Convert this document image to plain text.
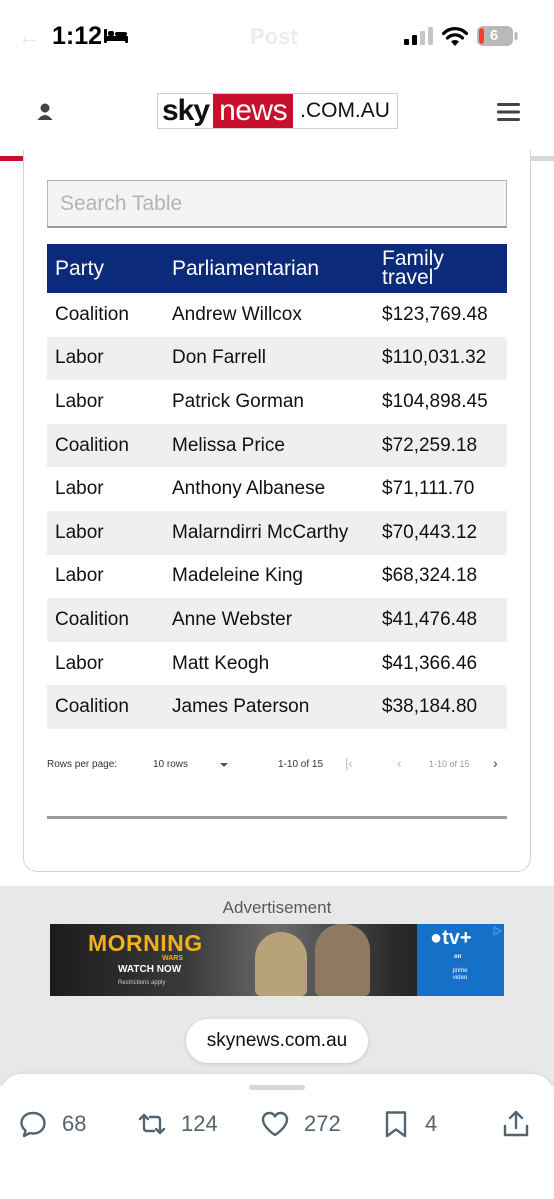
← 1:12	Post	6
sky news .COM.AU
Search Table
Party	Parliamentarian	Family travel
Coalition	Andrew Willcox	$123,769.48
Labor	Don Farrell	$110,031.32
Labor	Patrick Gorman	$104,898.45
Coalition	Melissa Price	$72,259.18
Labor	Anthony Albanese	$71,111.70
Labor	Malarndirri McCarthy	$70,443.12
Labor	Madeleine King	$68,324.18
Coalition	Anne Webster	$41,476.48
Labor	Matt Keogh	$41,366.46
Coalition	James Paterson	$38,184.80
Rows per page:	10 rows	1-10 of 15 |‹	‹	1-10 of 15 ›
Advertisement
MORNING
WARS
WATCH NOW
Restrictions apply
●tv+
on
prime video
skynews.com.au
68	124	272	4
